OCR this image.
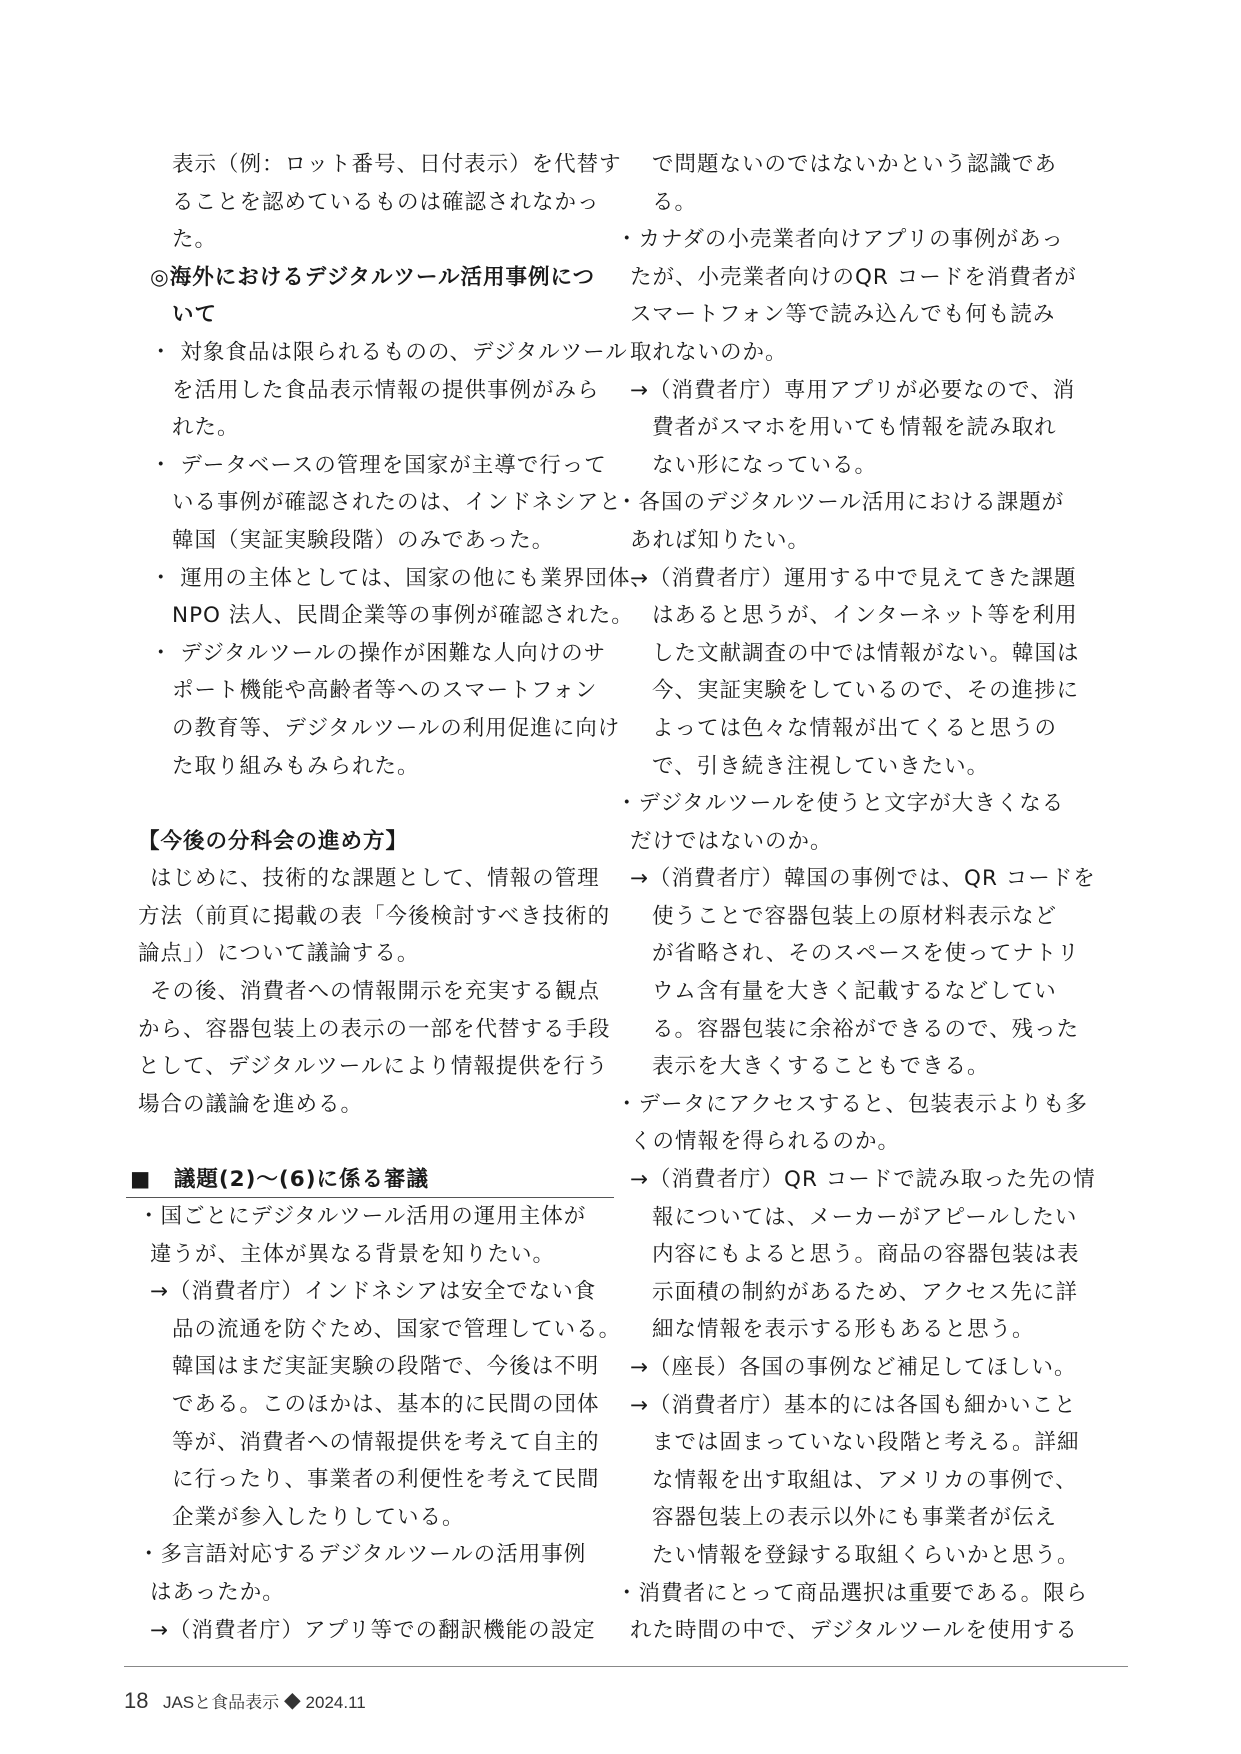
表示（例：ロット番号、日付表示）を代替す
ることを認めているものは確認されなかっ
た。
◎海外におけるデジタルツール活用事例につ
いて
・ 対象食品は限られるものの、デジタルツール
を活用した食品表示情報の提供事例がみら
れた。
・ データベースの管理を国家が主導で行って
いる事例が確認されたのは、インドネシアと
韓国（実証実験段階）のみであった。
・ 運用の主体としては、国家の他にも業界団体、
NPO 法人、民間企業等の事例が確認された。
・ デジタルツールの操作が困難な人向けのサ
ポート機能や高齢者等へのスマートフォン
の教育等、デジタルツールの利用促進に向け
た取り組みもみられた。
【今後の分科会の進め方】
はじめに、技術的な課題として、情報の管理
方法（前頁に掲載の表「今後検討すべき技術的
論点」）について議論する。
その後、消費者への情報開示を充実する観点
から、容器包装上の表示の一部を代替する手段
として、デジタルツールにより情報提供を行う
場合の議論を進める。
■　議題(2)～(6)に係る審議
・国ごとにデジタルツール活用の運用主体が
違うが、主体が異なる背景を知りたい。
→（消費者庁）インドネシアは安全でない食
品の流通を防ぐため、国家で管理している。
韓国はまだ実証実験の段階で、今後は不明
である。このほかは、基本的に民間の団体
等が、消費者への情報提供を考えて自主的
に行ったり、事業者の利便性を考えて民間
企業が参入したりしている。
・多言語対応するデジタルツールの活用事例
はあったか。
→（消費者庁）アプリ等での翻訳機能の設定
で問題ないのではないかという認識であ
る。
・カナダの小売業者向けアプリの事例があっ
たが、小売業者向けのQR コードを消費者が
スマートフォン等で読み込んでも何も読み
取れないのか。
→（消費者庁）専用アプリが必要なので、消
費者がスマホを用いても情報を読み取れ
ない形になっている。
・各国のデジタルツール活用における課題が
あれば知りたい。
→（消費者庁）運用する中で見えてきた課題
はあると思うが、インターネット等を利用
した文献調査の中では情報がない。韓国は
今、実証実験をしているので、その進捗に
よっては色々な情報が出てくると思うの
で、引き続き注視していきたい。
・デジタルツールを使うと文字が大きくなる
だけではないのか。
→（消費者庁）韓国の事例では、QR コードを
使うことで容器包装上の原材料表示など
が省略され、そのスペースを使ってナトリ
ウム含有量を大きく記載するなどしてい
る。容器包装に余裕ができるので、残った
表示を大きくすることもできる。
・データにアクセスすると、包装表示よりも多
くの情報を得られるのか。
→（消費者庁）QR コードで読み取った先の情
報については、メーカーがアピールしたい
内容にもよると思う。商品の容器包装は表
示面積の制約があるため、アクセス先に詳
細な情報を表示する形もあると思う。
→（座長）各国の事例など補足してほしい。
→（消費者庁）基本的には各国も細かいこと
までは固まっていない段階と考える。詳細
な情報を出す取組は、アメリカの事例で、
容器包装上の表示以外にも事業者が伝え
たい情報を登録する取組くらいかと思う。
・消費者にとって商品選択は重要である。限ら
れた時間の中で、デジタルツールを使用する
18 JASと食品表示 ◆ 2024.11
